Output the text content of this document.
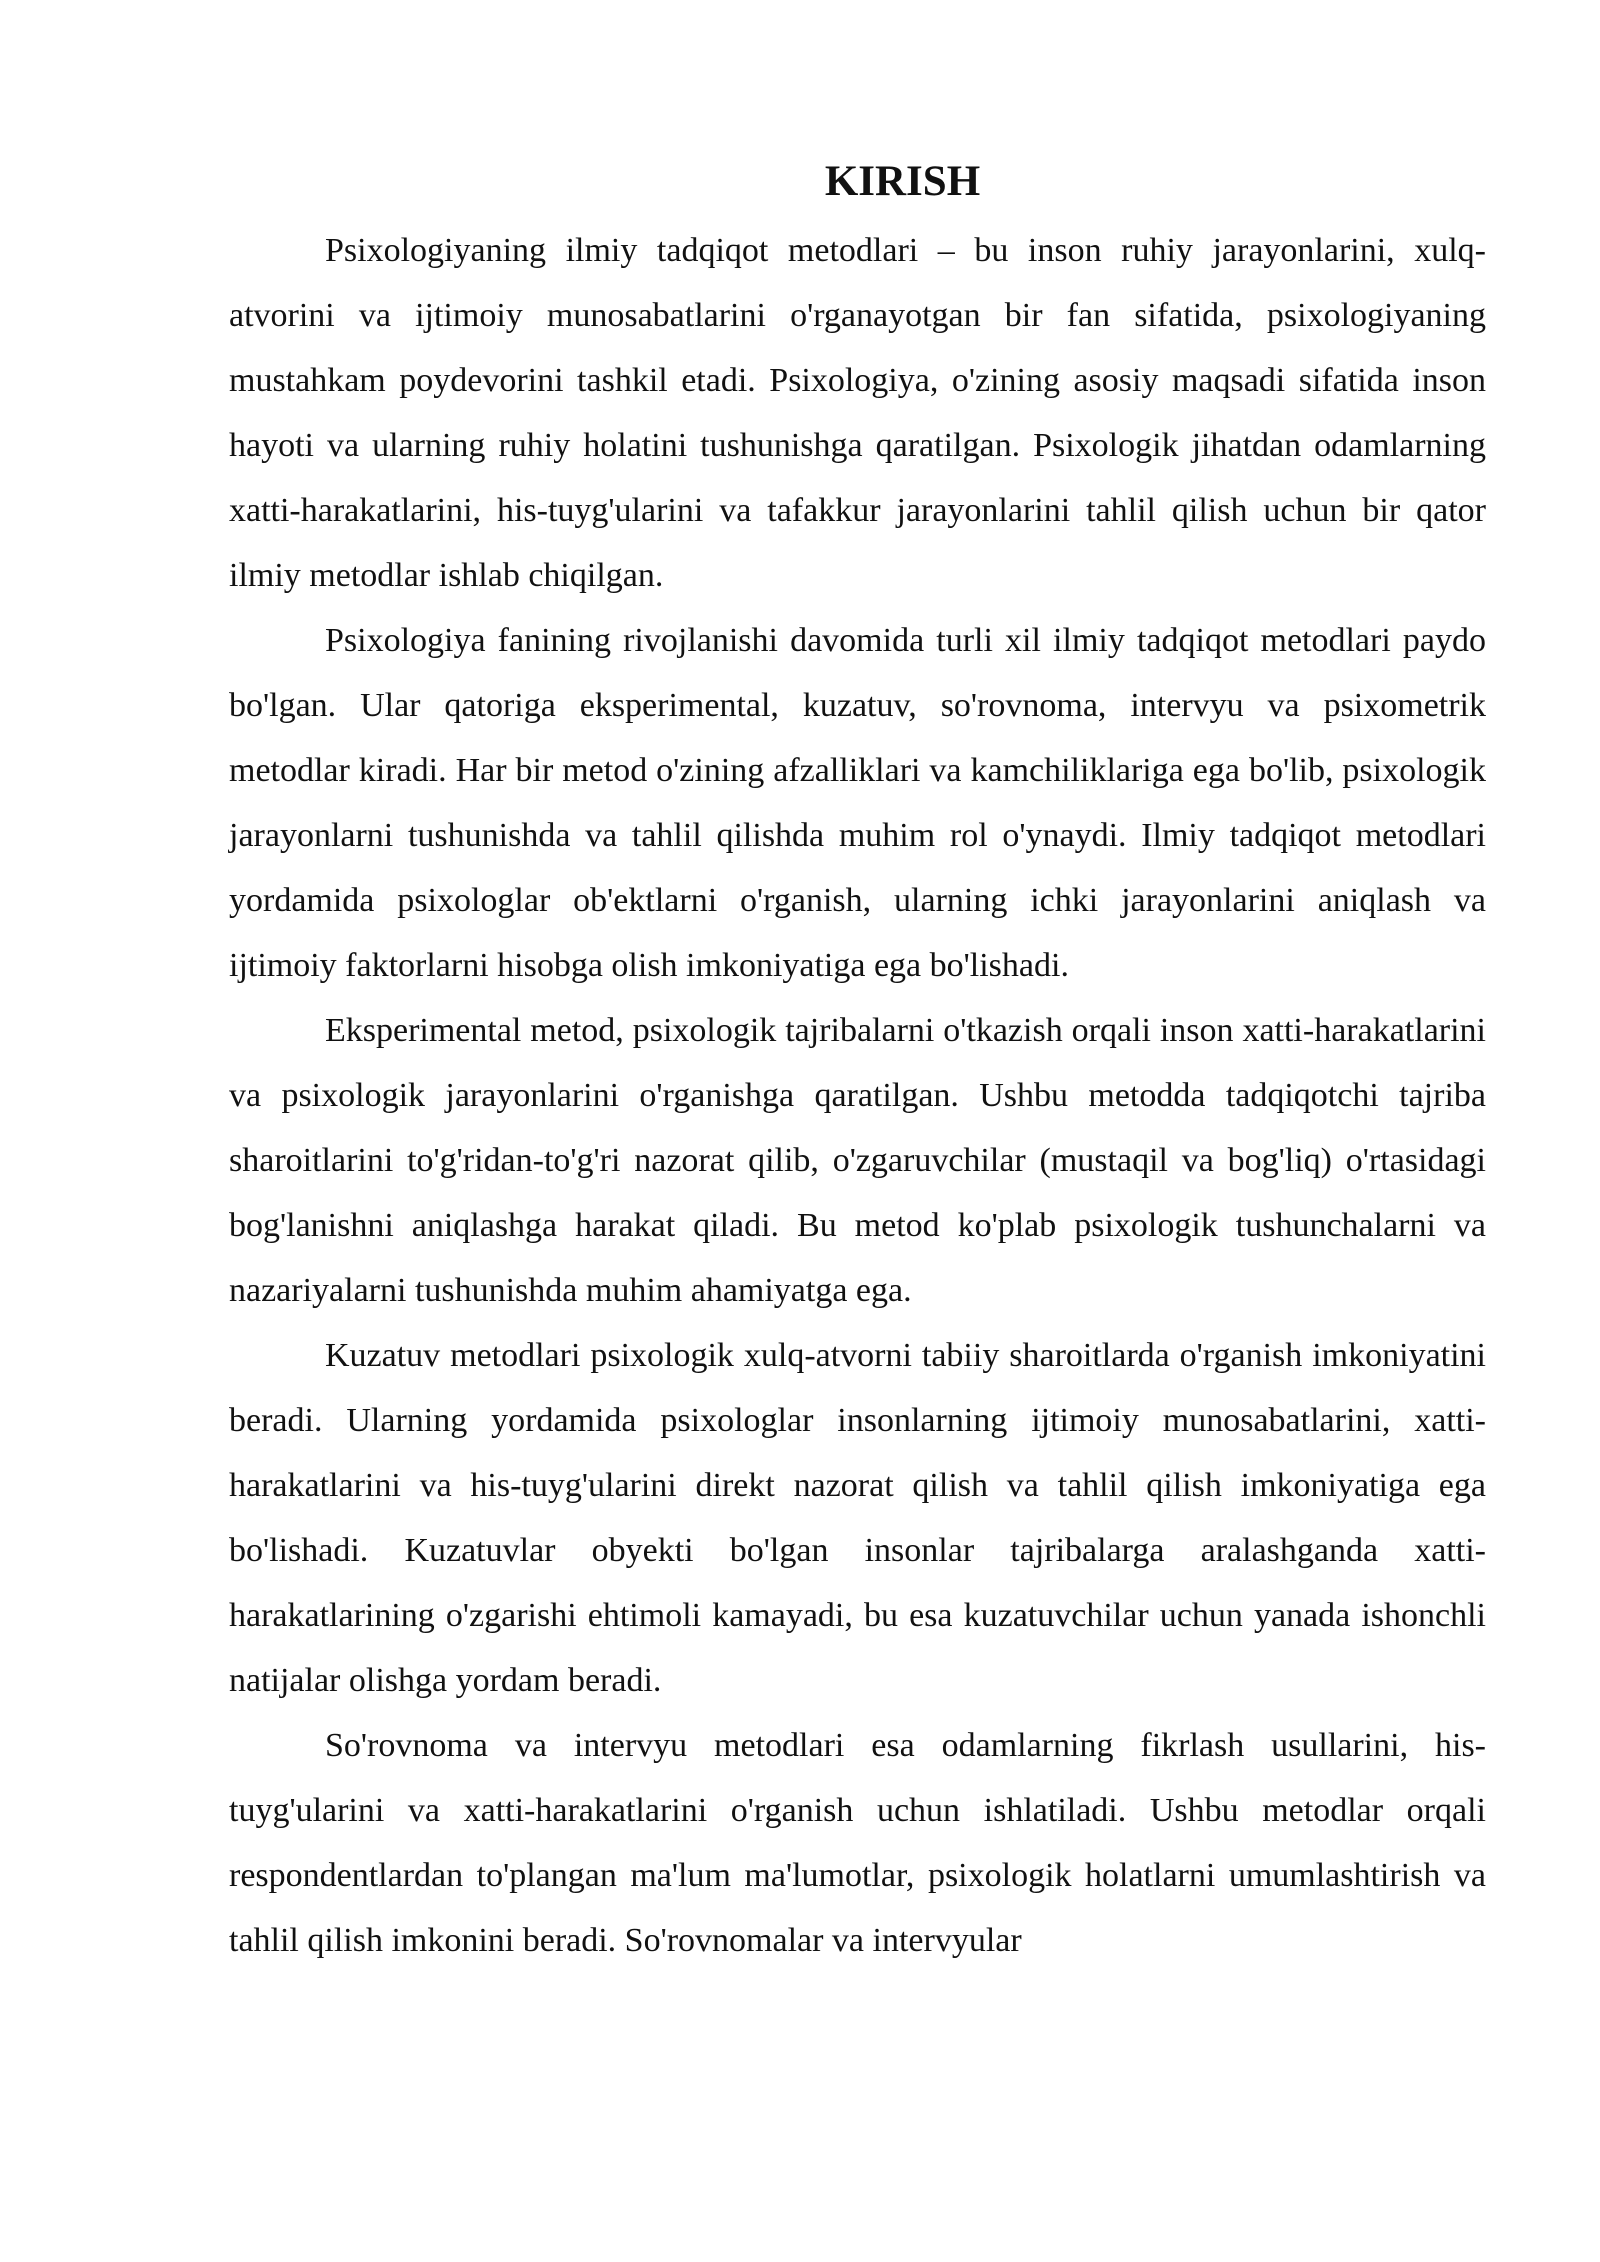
KIRISH

Psixologiyaning ilmiy tadqiqot metodlari – bu inson ruhiy jarayonlarini, xulq-atvorini va ijtimoiy munosabatlarini o'rganayotgan bir fan sifatida, psixologiyaning mustahkam poydevorini tashkil etadi. Psixologiya, o'zining asosiy maqsadi sifatida inson hayoti va ularning ruhiy holatini tushunishga qaratilgan. Psixologik jihatdan odamlarning xatti-harakatlarini, his-tuyg'ularini va tafakkur jarayonlarini tahlil qilish uchun bir qator ilmiy metodlar ishlab chiqilgan.

Psixologiya fanining rivojlanishi davomida turli xil ilmiy tadqiqot metodlari paydo bo'lgan. Ular qatoriga eksperimental, kuzatuv, so'rovnoma, intervyu va psixometrik metodlar kiradi. Har bir metod o'zining afzalliklari va kamchiliklariga ega bo'lib, psixologik jarayonlarni tushunishda va tahlil qilishda muhim rol o'ynaydi. Ilmiy tadqiqot metodlari yordamida psixologlar ob'ektlarni o'rganish, ularning ichki jarayonlarini aniqlash va ijtimoiy faktorlarni hisobga olish imkoniyatiga ega bo'lishadi.

Eksperimental metod, psixologik tajribalarni o'tkazish orqali inson xatti-harakatlarini va psixologik jarayonlarini o'rganishga qaratilgan. Ushbu metodda tadqiqotchi tajriba sharoitlarini to'g'ridan-to'g'ri nazorat qilib, o'zgaruvchilar (mustaqil va bog'liq) o'rtasidagi bog'lanishni aniqlashga harakat qiladi. Bu metod ko'plab psixologik tushunchalarni va nazariyalarni tushunishda muhim ahamiyatga ega.

Kuzatuv metodlari psixologik xulq-atvorni tabiiy sharoitlarda o'rganish imkoniyatini beradi. Ularning yordamida psixologlar insonlarning ijtimoiy munosabatlarini, xatti-harakatlarini va his-tuyg'ularini direkt nazorat qilish va tahlil qilish imkoniyatiga ega bo'lishadi. Kuzatuvlar obyekti bo'lgan insonlar tajribalarga aralashganda xatti-harakatlarining o'zgarishi ehtimoli kamayadi, bu esa kuzatuvchilar uchun yanada ishonchli natijalar olishga yordam beradi.

So'rovnoma va intervyu metodlari esa odamlarning fikrlash usullarini, his-tuyg'ularini va xatti-harakatlarini o'rganish uchun ishlatiladi. Ushbu metodlar orqali respondentlardan to'plangan ma'lum ma'lumotlar, psixologik holatlarni umumlashtirish va tahlil qilish imkonini beradi. So'rovnomalar va intervyular
